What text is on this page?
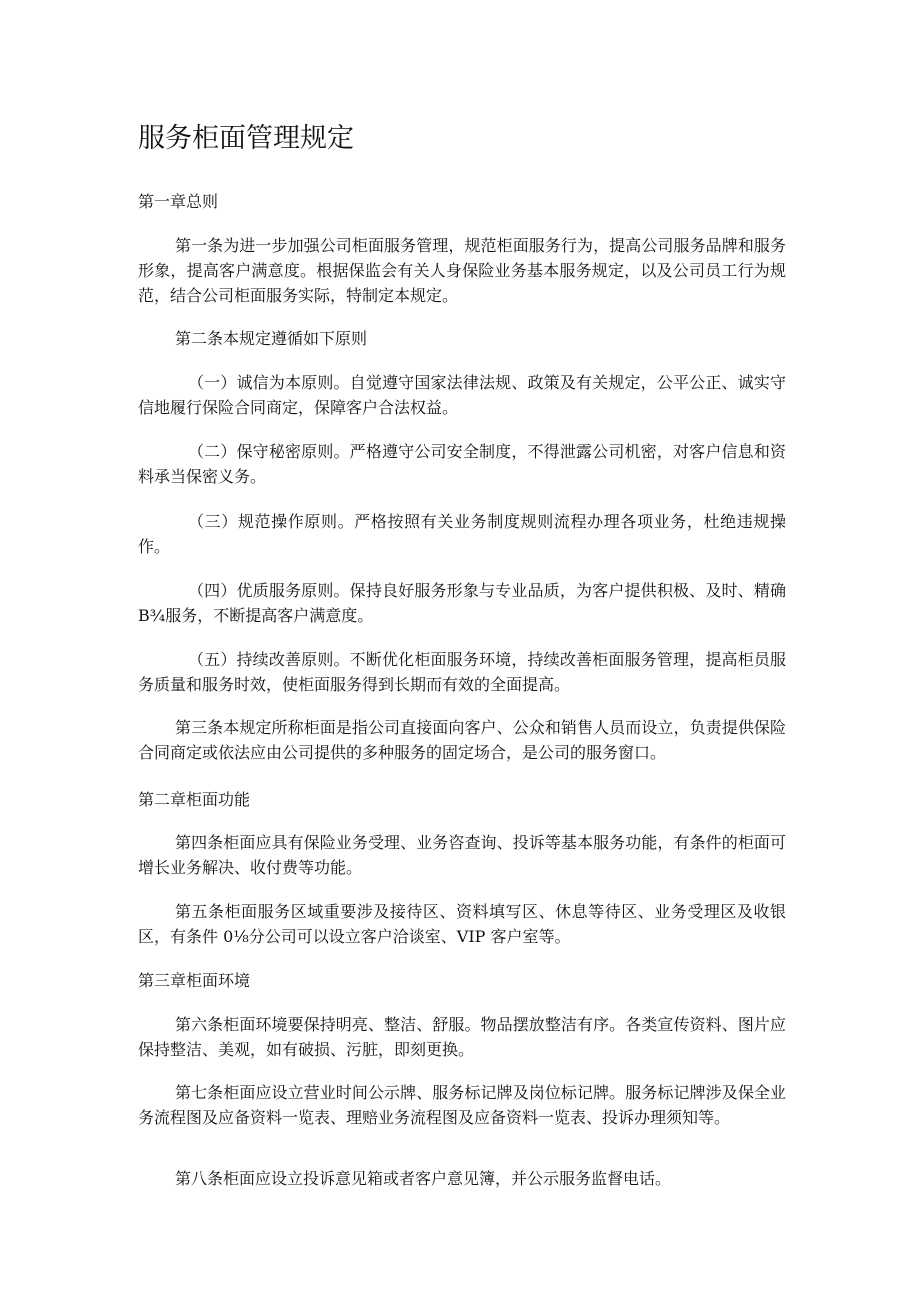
服务柜面管理规定

第一章总则

第一条为进一步加强公司柜面服务管理，规范柜面服务行为，提高公司服务品牌和服务形象，提高客户满意度。根据保监会有关人身保险业务基本服务规定，以及公司员工行为规范，结合公司柜面服务实际，特制定本规定。

第二条本规定遵循如下原则

（一）诚信为本原则。自觉遵守国家法律法规、政策及有关规定，公平公正、诚实守信地履行保险合同商定，保障客户合法权益。

（二）保守秘密原则。严格遵守公司安全制度，不得泄露公司机密，对客户信息和资料承当保密义务。

（三）规范操作原则。严格按照有关业务制度规则流程办理各项业务，杜绝违规操作。

（四）优质服务原则。保持良好服务形象与专业品质，为客户提供积极、及时、精确 B¾服务，不断提高客户满意度。

（五）持续改善原则。不断优化柜面服务环境，持续改善柜面服务管理，提高柜员服务质量和服务时效，使柜面服务得到长期而有效的全面提高。

第三条本规定所称柜面是指公司直接面向客户、公众和销售人员而设立，负责提供保险合同商定或依法应由公司提供的多种服务的固定场合，是公司的服务窗口。

第二章柜面功能

第四条柜面应具有保险业务受理、业务咨查询、投诉等基本服务功能，有条件的柜面可增长业务解决、收付费等功能。

第五条柜面服务区域重要涉及接待区、资料填写区、休息等待区、业务受理区及收银区，有条件 0⅛分公司可以设立客户洽谈室、VIP 客户室等。

第三章柜面环境

第六条柜面环境要保持明亮、整洁、舒服。物品摆放整洁有序。各类宣传资料、图片应保持整洁、美观，如有破损、污脏，即刻更换。

第七条柜面应设立营业时间公示牌、服务标记牌及岗位标记牌。服务标记牌涉及保全业务流程图及应备资料一览表、理赔业务流程图及应备资料一览表、投诉办理须知等。

第八条柜面应设立投诉意见箱或者客户意见簿，并公示服务监督电话。
